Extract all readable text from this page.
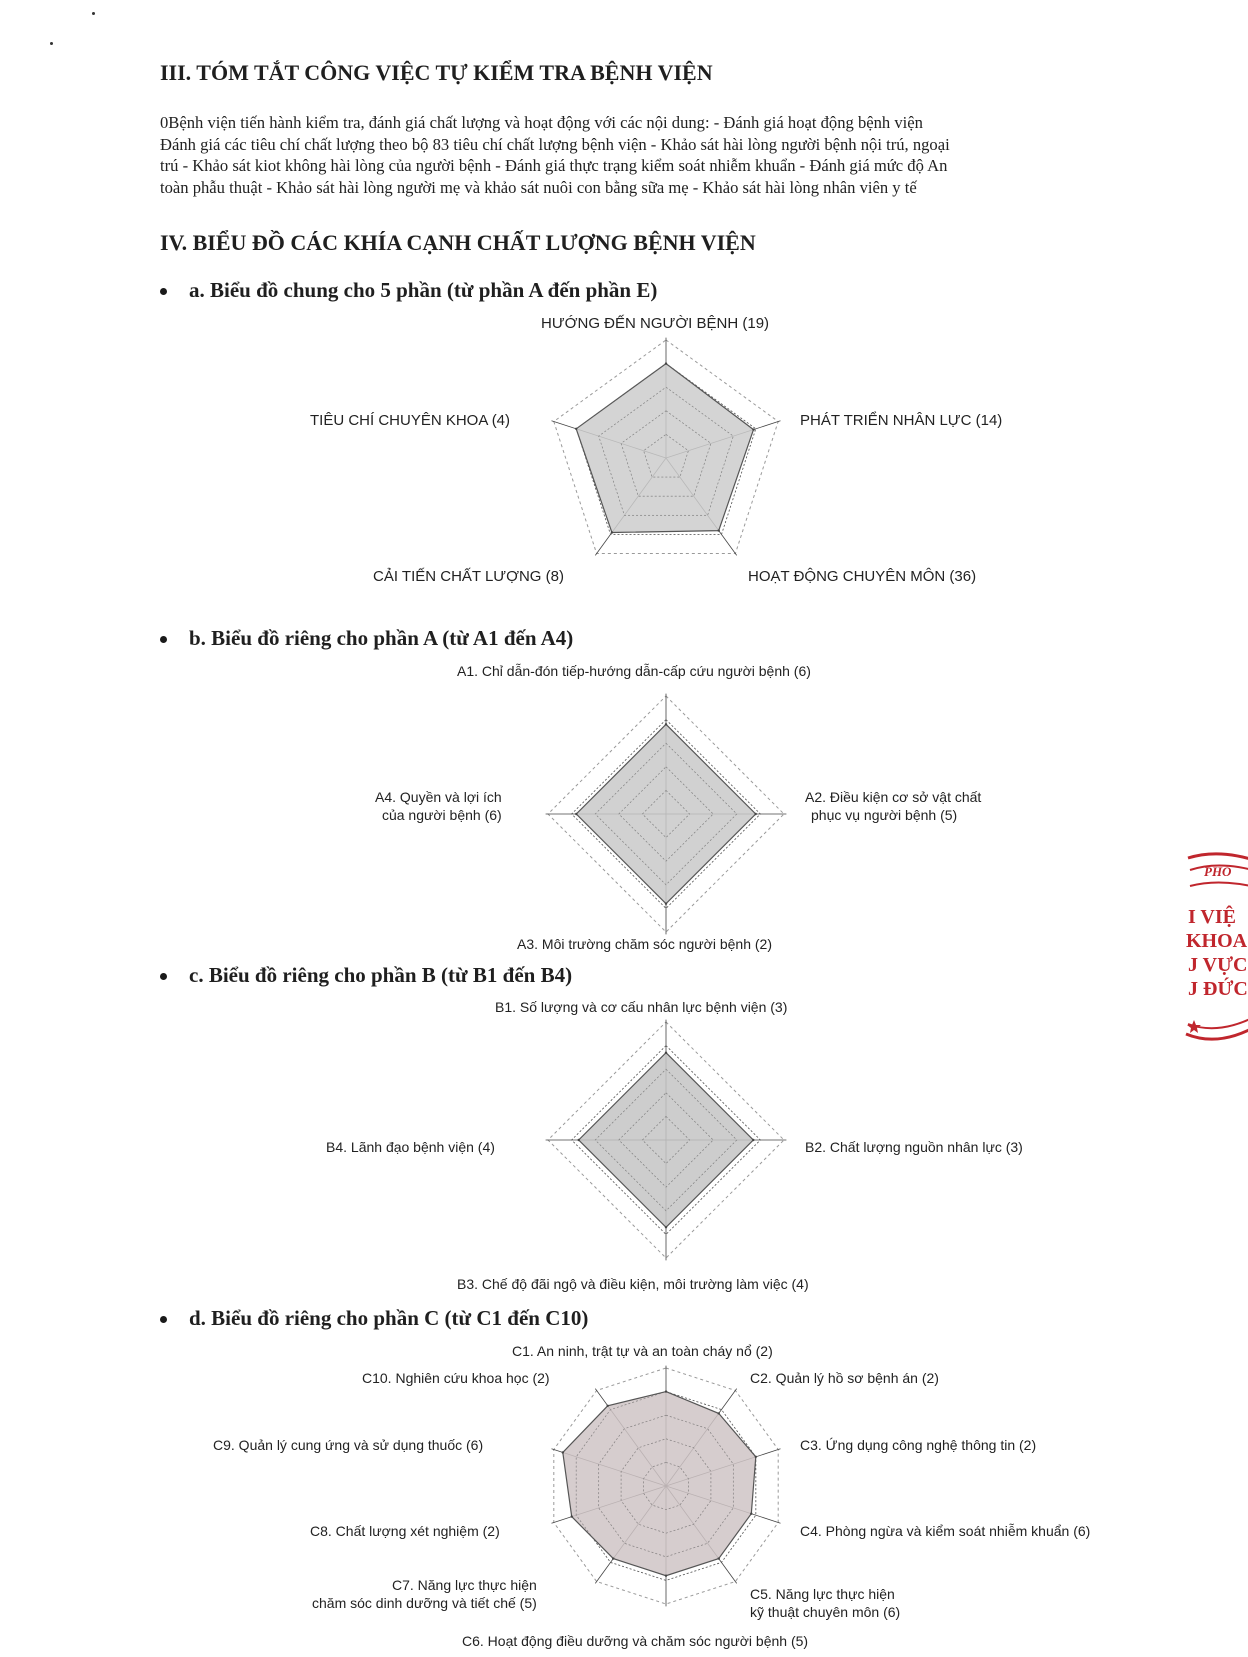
III. TÓM TẮT CÔNG VIỆC TỰ KIỂM TRA BỆNH VIỆN

0Bệnh viện tiến hành kiểm tra, đánh giá chất lượng và hoạt động với các nội dung: - Đánh giá hoạt động bệnh viện
Đánh giá các tiêu chí chất lượng theo bộ 83 tiêu chí chất lượng bệnh viện - Khảo sát hài lòng người bệnh nội trú, ngoại
trú - Khảo sát kiot không hài lòng của người bệnh - Đánh giá thực trạng kiểm soát nhiễm khuẩn - Đánh giá mức độ An
toàn phẫu thuật - Khảo sát hài lòng người mẹ và khảo sát nuôi con bằng sữa mẹ - Khảo sát hài lòng nhân viên y tế

IV. BIỂU ĐỒ CÁC KHÍA CẠNH CHẤT LƯỢNG BỆNH VIỆN
a. Biểu đồ chung cho 5 phần (từ phần A đến phần E)
HƯỚNG ĐẾN NGƯỜI BỆNH (19)
PHÁT TRIỂN NHÂN LỰC (14)
HOẠT ĐỘNG CHUYÊN MÔN (36)
CẢI TIẾN CHẤT LƯỢNG (8)
TIÊU CHÍ CHUYÊN KHOA (4)
b. Biểu đồ riêng cho phần A (từ A1 đến A4)
A1. Chỉ dẫn-đón tiếp-hướng dẫn-cấp cứu người bệnh (6)
A2. Điều kiện cơ sở vật chất
phục vụ người bệnh (5)
A3. Môi trường chăm sóc người bệnh (2)
A4. Quyền và lợi ích
của người bệnh (6)
c. Biểu đồ riêng cho phần B (từ B1 đến B4)
B1. Số lượng và cơ cấu nhân lực bệnh viện (3)
B2. Chất lượng nguồn nhân lực (3)
B3. Chế độ đãi ngộ và điều kiện, môi trường làm việc (4)
B4. Lãnh đạo bệnh viện (4)
d. Biểu đồ riêng cho phần C (từ C1 đến C10)
C1. An ninh, trật tự và an toàn cháy nổ (2)
C2. Quản lý hồ sơ bệnh án (2)
C3. Ứng dụng công nghệ thông tin (2)
C4. Phòng ngừa và kiểm soát nhiễm khuẩn (6)
C5. Năng lực thực hiện
kỹ thuật chuyên môn (6)
C6. Hoạt động điều dưỡng và chăm sóc người bệnh (5)
C7. Năng lực thực hiện
chăm sóc dinh dưỡng và tiết chế (5)
C8. Chất lượng xét nghiệm (2)
C9. Quản lý cung ứng và sử dụng thuốc (6)
C10. Nghiên cứu khoa học (2)
PHÓ
I VIỆ
KHOA
J VỰC
J ĐỨC
